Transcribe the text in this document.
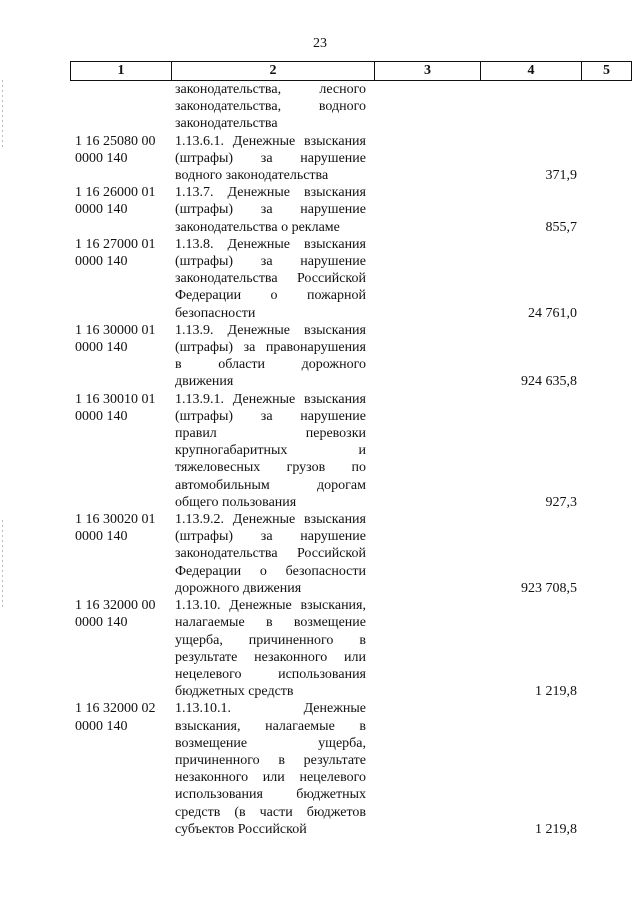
23
1	2	3	4	5
законодательства, лесного
законодательства, водного
законодательства
1 16 25080 00
0000 140
1.13.6.1. Денежные взыскания
(штрафы) за нарушение
водного законодательства	371,9
1 16 26000 01
0000 140
1.13.7. Денежные взыскания
(штрафы) за нарушение
законодательства о рекламе	855,7
1 16 27000 01
0000 140
1.13.8. Денежные взыскания
(штрафы) за нарушение
законодательства Российской
Федерации о пожарной
безопасности	24 761,0
1 16 30000 01
0000 140
1.13.9. Денежные взыскания
(штрафы) за правонарушения
в области дорожного
движения	924 635,8
1 16 30010 01
0000 140
1.13.9.1. Денежные взыскания
(штрафы) за нарушение
правил перевозки
крупногабаритных и
тяжеловесных грузов по
автомобильным дорогам
общего пользования	927,3
1 16 30020 01
0000 140
1.13.9.2. Денежные взыскания
(штрафы) за нарушение
законодательства Российской
Федерации о безопасности
дорожного движения	923 708,5
1 16 32000 00
0000 140
1.13.10. Денежные взыскания,
налагаемые в возмещение
ущерба, причиненного в
результате незаконного или
нецелевого использования
бюджетных средств	1 219,8
1 16 32000 02
0000 140
1.13.10.1. Денежные
взыскания, налагаемые в
возмещение ущерба,
причиненного в результате
незаконного или нецелевого
использования бюджетных
средств (в части бюджетов
субъектов Российской	1 219,8
